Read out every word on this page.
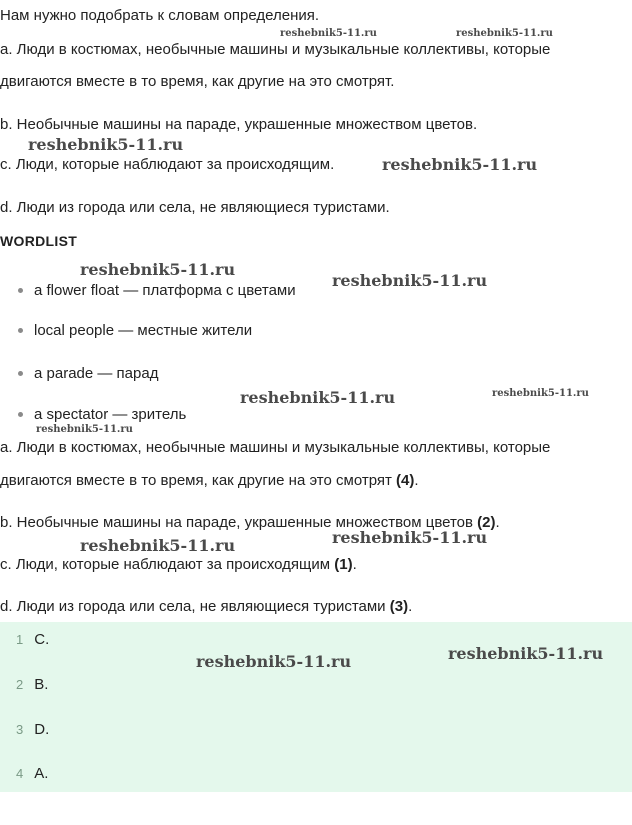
Нам нужно подобрать к словам определения.
a. Люди в костюмах, необычные машины и музыкальные коллективы, которые
двигаются вместе в то время, как другие на это смотрят.
b. Необычные машины на параде, украшенные множеством цветов.
c. Люди, которые наблюдают за происходящим.
d. Люди из города или села, не являющиеся туристами.
WORDLIST
a flower float — платформа с цветами
local people — местные жители
a parade — парад
a spectator — зритель
a. Люди в костюмах, необычные машины и музыкальные коллективы, которые
двигаются вместе в то время, как другие на это смотрят (4).
b. Необычные машины на параде, украшенные множеством цветов (2).
c. Люди, которые наблюдают за происходящим (1).
d. Люди из города или села, не являющиеся туристами (3).
1 C.
2 B.
3 D.
4 A.
reshebnik5-11.ru	reshebnik5-11.ru
reshebnik5-11.ru
reshebnik5-11.ru
reshebnik5-11.ru
reshebnik5-11.ru
reshebnik5-11.ru	reshebnik5-11.ru
reshebnik5-11.ru
reshebnik5-11.ru
reshebnik5-11.ru
reshebnik5-11.ru
reshebnik5-11.ru
